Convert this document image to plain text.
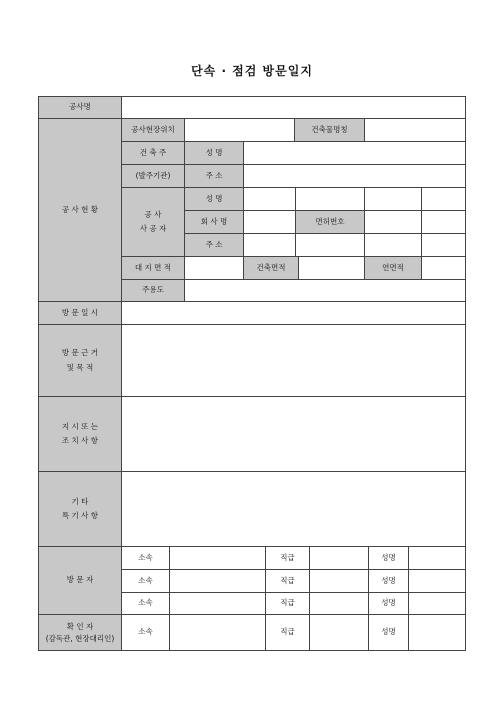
단속 · 점검 방문일지
공사명
공 사 현 황
공사현장위치	건축물명칭
건 축 주	성 명
(발주기관)	주 소
공 사
사 공 자
성 명
회 사 명	면허번호
주 소
대 지 면 적	건축면적	연면적
주용도
방 문 일 시
방 문 근 거
및 목 적
지 시 또 는
조 치 사 항
기 타
특 기 사 항
방 문 자
소속	직급	성명
소속	직급	성명
소속	직급	성명
확 인 자
(감독관, 현장대리인)
소속	직급	성명
